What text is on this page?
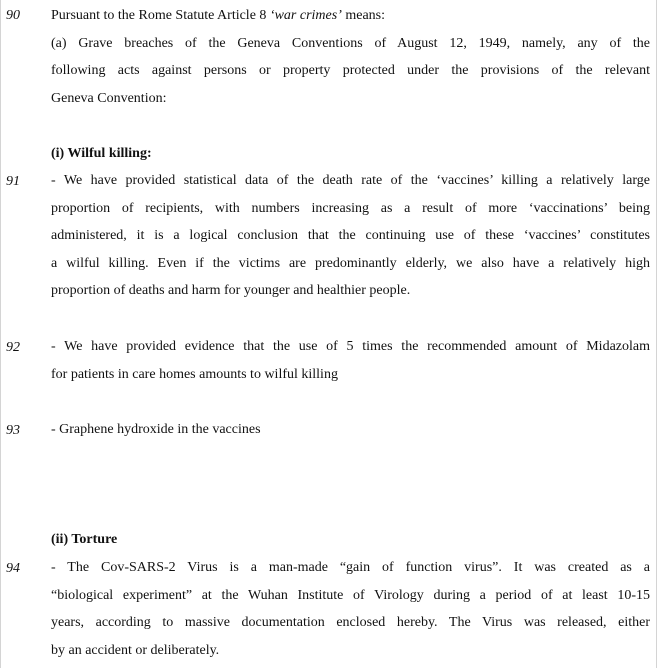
90 Pursuant to the Rome Statute Article 8 ‘war crimes’ means:
(a) Grave breaches of the Geneva Conventions of August 12, 1949, namely, any of the
following acts against persons or property protected under the provisions of the relevant
Geneva Convention:
(i) Wilful killing:
91 - We have provided statistical data of the death rate of the ‘vaccines’ killing a relatively large
proportion of recipients, with numbers increasing as a result of more ‘vaccinations’ being
administered, it is a logical conclusion that the continuing use of these ‘vaccines’ constitutes
a wilful killing. Even if the victims are predominantly elderly, we also have a relatively high
proportion of deaths and harm for younger and healthier people.
92 - We have provided evidence that the use of 5 times the recommended amount of Midazolam
for patients in care homes amounts to wilful killing
93 - Graphene hydroxide in the vaccines
(ii) Torture
94 - The Cov-SARS-2 Virus is a man-made “gain of function virus”. It was created as a
“biological experiment” at the Wuhan Institute of Virology during a period of at least 10-15
years, according to massive documentation enclosed hereby. The Virus was released, either
by an accident or deliberately.
